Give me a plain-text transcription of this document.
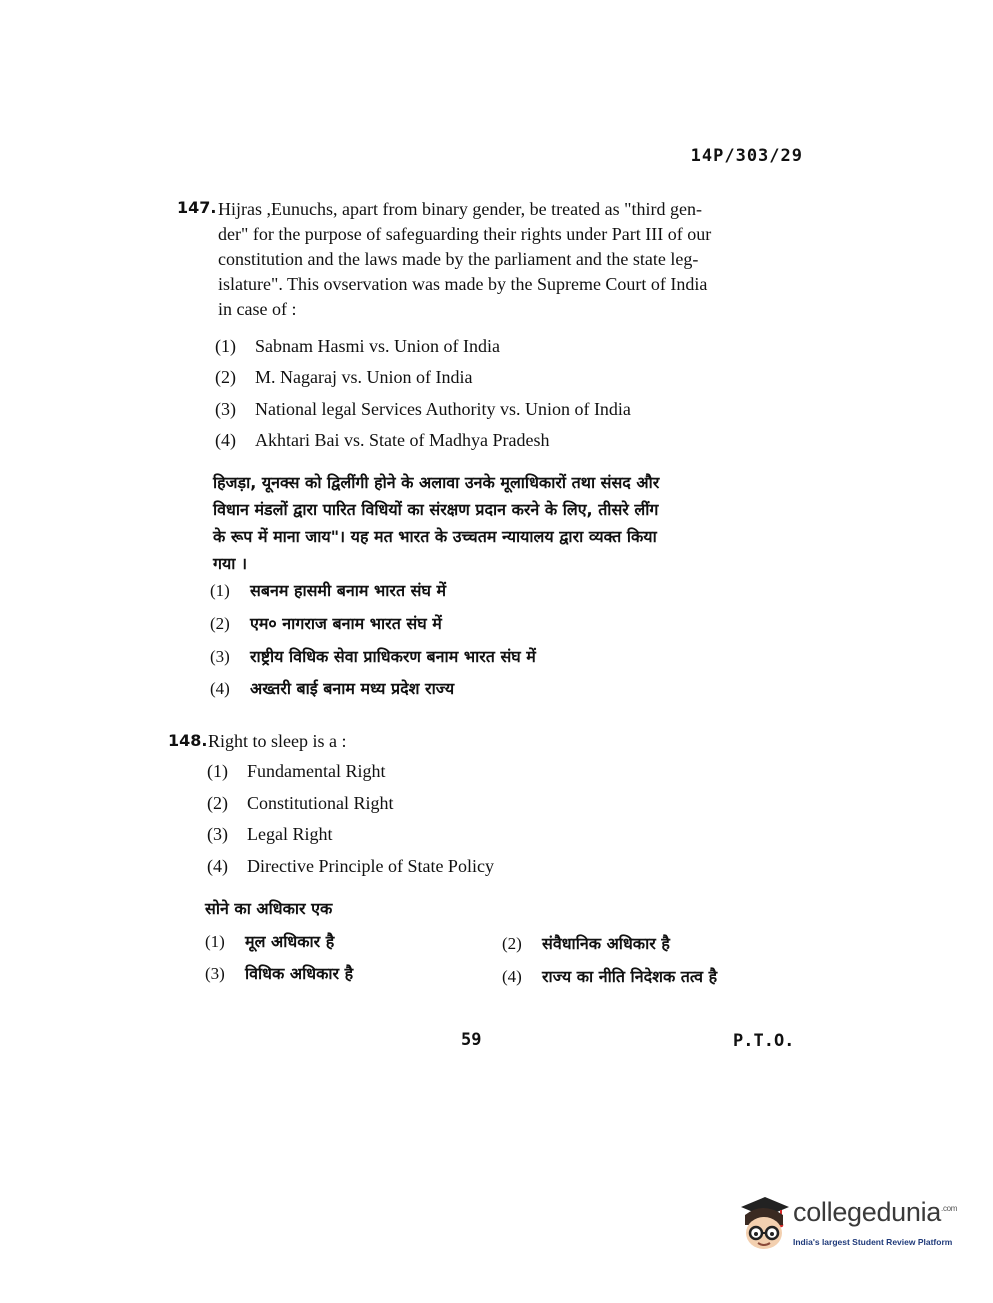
14P/303/29
147. Hijras ,Eunuchs, apart from binary gender, be treated as "third gen-
der" for the purpose of safeguarding their rights under Part III of our
constitution and the laws made by the parliament and the state leg-
islature". This ovservation was made by the Supreme Court of India
in case of :
(1) Sabnam Hasmi vs. Union of India
(2) M. Nagaraj vs. Union of India
(3) National legal Services Authority vs. Union of India
(4) Akhtari Bai vs. State of Madhya Pradesh
हिजड़ा, यूनक्स को द्विलींगी होने के अलावा उनके मूलाधिकारों तथा संसद और
विधान मंडलों द्वारा पारित विधियों का संरक्षण प्रदान करने के लिए, तीसरे लींग
के रूप में माना जाय"। यह मत भारत के उच्चतम न्यायालय द्वारा व्यक्त किया
गया ।
(1) सबनम हासमी बनाम भारत संघ में
(2) एम० नागराज बनाम भारत संघ में
(3) राष्ट्रीय विधिक सेवा प्राधिकरण बनाम भारत संघ में
(4) अख्तरी बाई बनाम मध्य प्रदेश राज्य
148. Right to sleep is a :
(1) Fundamental Right
(2) Constitutional Right
(3) Legal Right
(4) Directive Principle of State Policy
सोने का अधिकार एक
(1) मूल अधिकार है	(2) संवैधानिक अधिकार है
(3) विधिक अधिकार है	(4) राज्य का नीति निदेशक तत्व है
59	P.T.O.
collegedunia$^{.com}$
India's largest Student Review Platform
